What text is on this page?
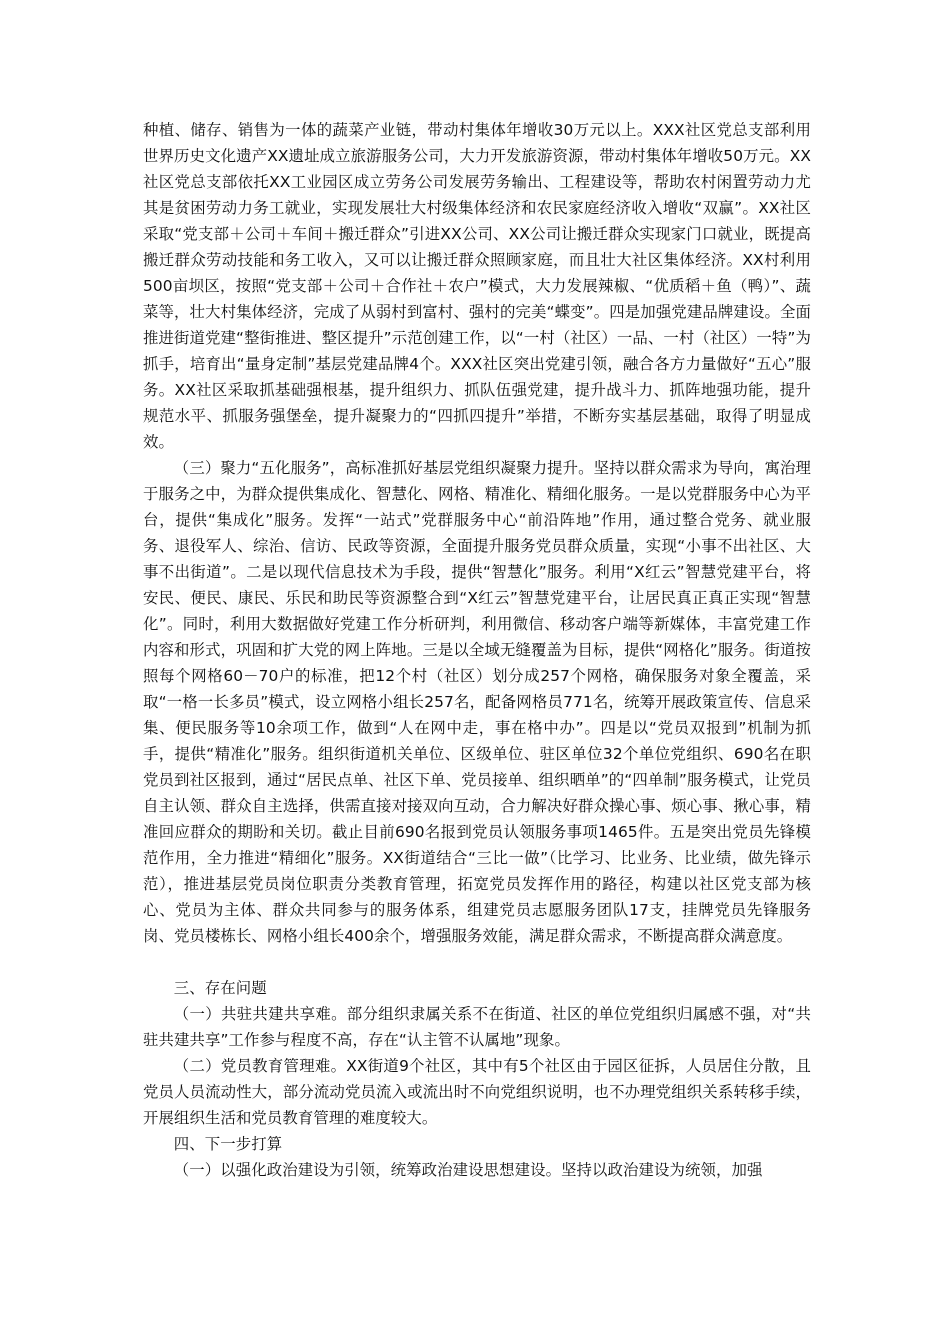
种植、储存、销售为一体的蔬菜产业链，带动村集体年增收30万元以上。XXX社区党总支部利用世界历史文化遗产XX遗址成立旅游服务公司，大力开发旅游资源，带动村集体年增收50万元。XX社区党总支部依托XX工业园区成立劳务公司发展劳务输出、工程建设等，帮助农村闲置劳动力尤其是贫困劳动力务工就业，实现发展壮大村级集体经济和农民家庭经济收入增收“双赢”。XX社区采取“党支部＋公司＋车间＋搬迁群众”引进XX公司、XX公司让搬迁群众实现家门口就业，既提高搬迁群众劳动技能和务工收入，又可以让搬迁群众照顾家庭，而且壮大社区集体经济。XX村利用500亩坝区，按照“党支部＋公司＋合作社＋农户”模式，大力发展辣椒、“优质稻＋鱼（鸭）”、蔬菜等，壮大村集体经济，完成了从弱村到富村、强村的完美“蝶变”。四是加强党建品牌建设。全面推进街道党建“整街推进、整区提升”示范创建工作，以“一村（社区）一品、一村（社区）一特”为抓手，培育出“量身定制”基层党建品牌4个。XXX社区突出党建引领，融合各方力量做好“五心”服务。XX社区采取抓基础强根基，提升组织力、抓队伍强党建，提升战斗力、抓阵地强功能，提升规范水平、抓服务强堡垒，提升凝聚力的“四抓四提升”举措，不断夯实基层基础，取得了明显成效。

（三）聚力“五化服务”，高标准抓好基层党组织凝聚力提升。坚持以群众需求为导向，寓治理于服务之中，为群众提供集成化、智慧化、网格、精准化、精细化服务。一是以党群服务中心为平台，提供“集成化”服务。发挥“一站式”党群服务中心“前沿阵地”作用，通过整合党务、就业服务、退役军人、综治、信访、民政等资源，全面提升服务党员群众质量，实现“小事不出社区、大事不出街道”。二是以现代信息技术为手段，提供“智慧化”服务。利用“X红云”智慧党建平台，将安民、便民、康民、乐民和助民等资源整合到“X红云”智慧党建平台，让居民真正真正实现“智慧化”。同时，利用大数据做好党建工作分析研判，利用微信、移动客户端等新媒体，丰富党建工作内容和形式，巩固和扩大党的网上阵地。三是以全域无缝覆盖为目标，提供“网格化”服务。街道按照每个网格60－70户的标准，把12个村（社区）划分成257个网格，确保服务对象全覆盖，采取“一格一长多员”模式，设立网格小组长257名，配备网格员771名，统筹开展政策宣传、信息采集、便民服务等10余项工作，做到“人在网中走，事在格中办”。四是以“党员双报到”机制为抓手，提供“精准化”服务。组织街道机关单位、区级单位、驻区单位32个单位党组织、690名在职党员到社区报到，通过“居民点单、社区下单、党员接单、组织晒单”的“四单制”服务模式，让党员自主认领、群众自主选择，供需直接对接双向互动，合力解决好群众操心事、烦心事、揪心事，精准回应群众的期盼和关切。截止目前690名报到党员认领服务事项1465件。五是突出党员先锋模范作用，全力推进“精细化”服务。XX街道结合“三比一做”（比学习、比业务、比业绩，做先锋示范），推进基层党员岗位职责分类教育管理，拓宽党员发挥作用的路径，构建以社区党支部为核心、党员为主体、群众共同参与的服务体系，组建党员志愿服务团队17支，挂牌党员先锋服务岗、党员楼栋长、网格小组长400余个，增强服务效能，满足群众需求，不断提高群众满意度。

三、存在问题

（一）共驻共建共享难。部分组织隶属关系不在街道、社区的单位党组织归属感不强，对“共驻共建共享”工作参与程度不高，存在“认主管不认属地”现象。

（二）党员教育管理难。XX街道9个社区，其中有5个社区由于园区征拆，人员居住分散，且党员人员流动性大，部分流动党员流入或流出时不向党组织说明，也不办理党组织关系转移手续，开展组织生活和党员教育管理的难度较大。

四、下一步打算

（一）以强化政治建设为引领，统筹政治建设思想建设。坚持以政治建设为统领，加强
